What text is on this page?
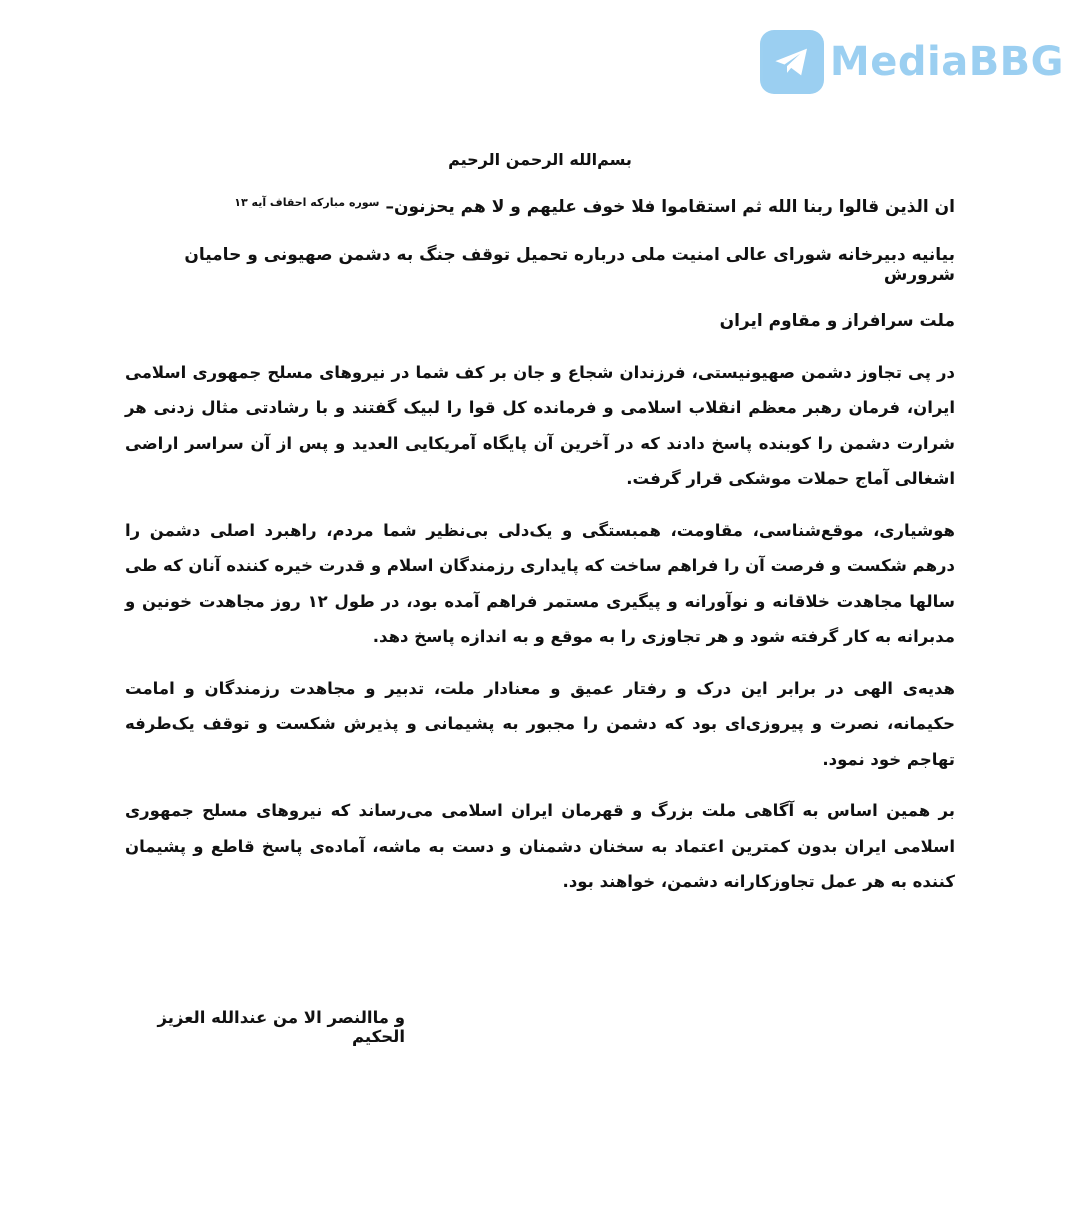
MediaBBG
بسم‌الله الرحمن الرحیم
ان الذین قالوا ربنا الله ثم استقاموا فلا خوف علیهم و لا هم یحزنون–
سوره مبارکه احقاف آیه ۱۳
بیانیه دبیرخانه شورای عالی امنیت ملی درباره تحمیل توقف جنگ به دشمن صهیونی و حامیان شرورش
ملت سرافراز و مقاوم ایران

در پی تجاوز دشمن صهیونیستی، فرزندان شجاع و جان بر کف شما در نیروهای مسلح جمهوری اسلامی ایران، فرمان رهبر معظم انقلاب اسلامی و فرمانده کل قوا را لبیک گفتند و با رشادتی مثال زدنی هر شرارت دشمن را کوبنده پاسخ دادند که در آخرین آن پایگاه آمریکایی العدید و پس از آن سراسر اراضی اشغالی آماج حملات موشکی قرار گرفت.

هوشیاری، موقع‌شناسی، مقاومت، همبستگی و یک‌دلی بی‌نظیر شما مردم، راهبرد اصلی دشمن را درهم شکست و فرصت آن را فراهم ساخت که پایداری رزمندگان اسلام و قدرت خیره کننده آنان که طی سالها مجاهدت خلاقانه و نوآورانه و پیگیری مستمر فراهم آمده بود، در طول ۱۲ روز مجاهدت خونین و مدبرانه به کار گرفته شود و هر تجاوزی را به موقع و به اندازه پاسخ دهد.

هدیه‌ی الهی در برابر این درک و رفتار عمیق و معنادار ملت، تدبیر و مجاهدت رزمندگان و امامت حکیمانه، نصرت و پیروزی‌ای بود که دشمن را مجبور به پشیمانی و پذیرش شکست و توقف یک‌طرفه تهاجم خود نمود.

بر همین اساس به آگاهی ملت بزرگ و قهرمان ایران اسلامی می‌رساند که نیروهای مسلح جمهوری اسلامی ایران بدون کمترین اعتماد به سخنان دشمنان و دست به ماشه، آماده‌ی پاسخ قاطع و پشیمان کننده به هر عمل تجاوزکارانه دشمن، خواهند بود.

و ماالنصر الا من عندالله العزیز الحکیم
